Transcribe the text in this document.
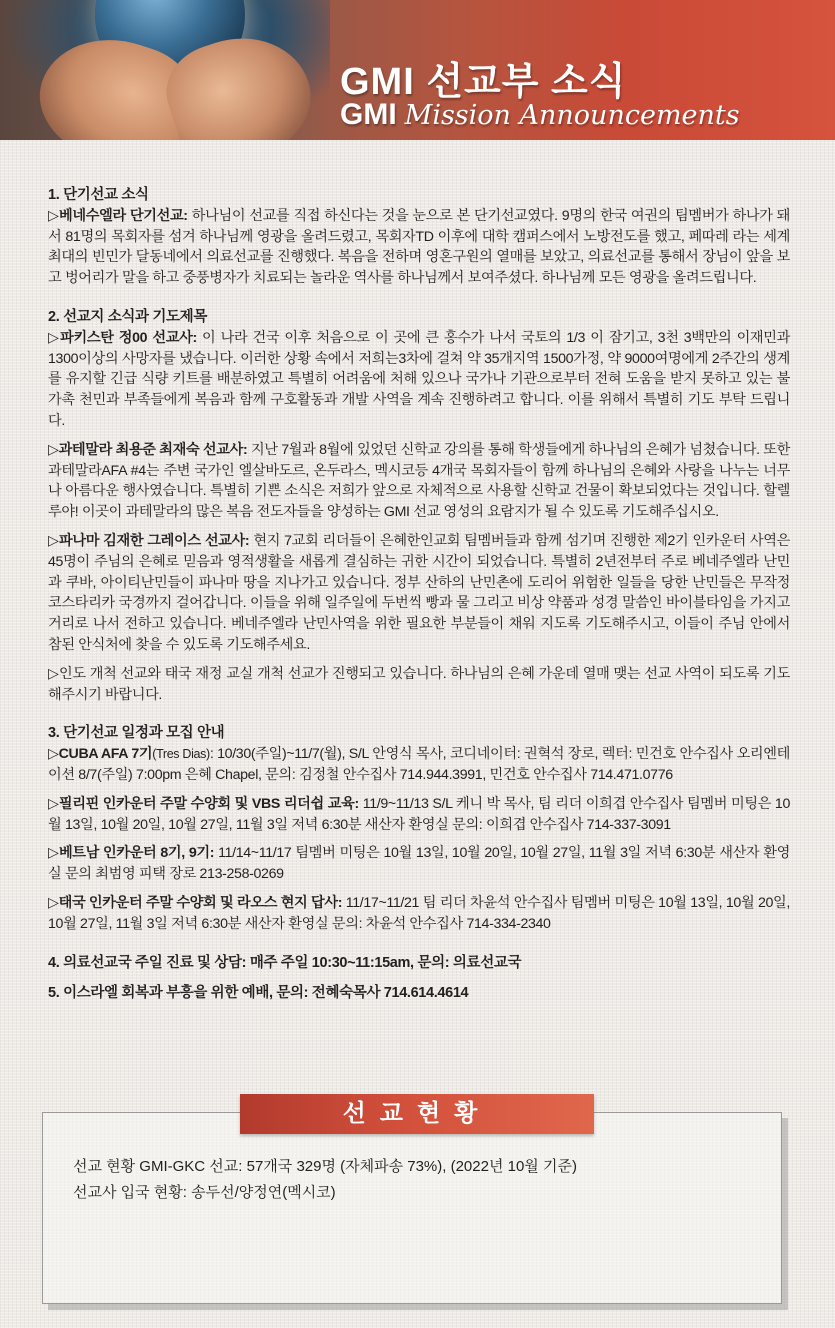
GMI 선교부 소식
GMI Mission Announcements

1. 단기선교 소식

▷베네수엘라 단기선교: 하나님이 선교를 직접 하신다는 것을 눈으로 본 단기선교였다. 9명의 한국 여권의 팀멤버가 하나가 돼서 81명의 목회자를 섬겨 하나님께 영광을 올려드렸고, 목회자TD 이후에 대학 캠퍼스에서 노방전도를 했고, 페따레 라는 세계 최대의 빈민가 달동네에서 의료선교를 진행했다. 복음을 전하며 영혼구원의 열매를 보았고, 의료선교를 통해서 장님이 앞을 보고 벙어리가 말을 하고 중풍병자가 치료되는 놀라운 역사를 하나님께서 보여주셨다. 하나님께 모든 영광을 올려드립니다.

2. 선교지 소식과 기도제목

▷파키스탄 정00 선교사: 이 나라 건국 이후 처음으로 이 곳에 큰 홍수가 나서 국토의 1/3 이 잠기고, 3천 3백만의 이재민과 1300이상의 사망자를 냈습니다. 이러한 상황 속에서 저희는3차에 걸쳐 약 35개지역 1500가정, 약 9000여명에게 2주간의 생계를 유지할 긴급 식량 키트를 배분하였고 특별히 어려움에 처해 있으나 국가나 기관으로부터 전혀 도움을 받지 못하고 있는 불가촉 천민과 부족들에게 복음과 함께 구호활동과 개발 사역을 계속 진행하려고 합니다. 이를 위해서 특별히 기도 부탁 드립니다.

▷과테말라 최용준 최재숙 선교사: 지난 7월과 8월에 있었던 신학교 강의를 통해 학생들에게 하나님의 은혜가 넘쳤습니다. 또한 과테말라AFA #4는 주변 국가인 엘살바도르, 온두라스, 멕시코등 4개국 목회자들이 함께 하나님의 은혜와 사랑을 나누는 너무나 아름다운 행사였습니다. 특별히 기쁜 소식은 저희가 앞으로 자체적으로 사용할 신학교 건물이 확보되었다는 것입니다. 할렐루야! 이곳이 과테말라의 많은 복음 전도자들을 양성하는 GMI 선교 영성의 요람지가 될 수 있도록 기도해주십시오.

▷파나마 김재한 그레이스 선교사: 현지 7교회 리더들이 은혜한인교회 팀멤버들과 함께 섬기며 진행한 제2기 인카운터 사역은 45명이 주님의 은혜로 믿음과 영적생활을 새롭게 결심하는 귀한 시간이 되었습니다. 특별히 2년전부터 주로 베네주엘라 난민과 쿠바, 아이티난민들이 파나마 땅을 지나가고 있습니다. 정부 산하의 난민촌에 도리어 위험한 일들을 당한 난민들은 무작정 코스타리카 국경까지 걸어갑니다. 이들을 위해 일주일에 두번씩 빵과 물 그리고 비상 약품과 성경 말씀인 바이블타임을 가지고 거리로 나서 전하고 있습니다. 베네주엘라 난민사역을 위한 필요한 부분들이 채워 지도록 기도해주시고, 이들이 주님 안에서 참된 안식처에 찾을 수 있도록 기도해주세요.

▷인도 개척 선교와 태국 재정 교실 개척 선교가 진행되고 있습니다. 하나님의 은혜 가운데 열매 맺는 선교 사역이 되도록 기도해주시기 바랍니다.

3. 단기선교 일정과 모집 안내

▷CUBA AFA 7기(Tres Dias): 10/30(주일)~11/7(월), S/L 안영식 목사, 코디네이터: 권혁석 장로, 렉터: 민건호 안수집사 오리엔테이션 8/7(주일) 7:00pm 은혜 Chapel, 문의: 김정철 안수집사 714.944.3991, 민건호 안수집사 714.471.0776

▷필리핀 인카운터 주말 수양회 및 VBS 리더쉽 교육: 11/9~11/13 S/L 케니 박 목사, 팀 리더 이희겹 안수집사 팀멤버 미팅은 10월 13일, 10월 20일, 10월 27일, 11월 3일 저녁 6:30분 새산자 환영실 문의: 이희겹 안수집사 714-337-3091

▷베트남 인카운터 8기, 9기: 11/14~11/17 팀멤버 미팅은 10월 13일, 10월 20일, 10월 27일, 11월 3일 저녁 6:30분 새산자 환영실 문의 최범영 피택 장로 213-258-0269

▷태국 인카운터 주말 수양회 및 라오스 현지 답사: 11/17~11/21 팀 리더 차윤석 안수집사 팀멤버 미팅은 10월 13일, 10월 20일, 10월 27일, 11월 3일 저녁 6:30분 새산자 환영실 문의: 차윤석 안수집사 714-334-2340

4. 의료선교국 주일 진료 및 상담: 매주 주일 10:30~11:15am, 문의: 의료선교국

5. 이스라엘 회복과 부흥을 위한 예배, 문의: 전혜숙목사 714.614.4614

선교 현황 GMI-GKC 선교: 57개국 329명 (자체파송 73%), (2022년 10월 기준)
선교사 입국 현황: 송두선/양정연(멕시코)
선교현황
